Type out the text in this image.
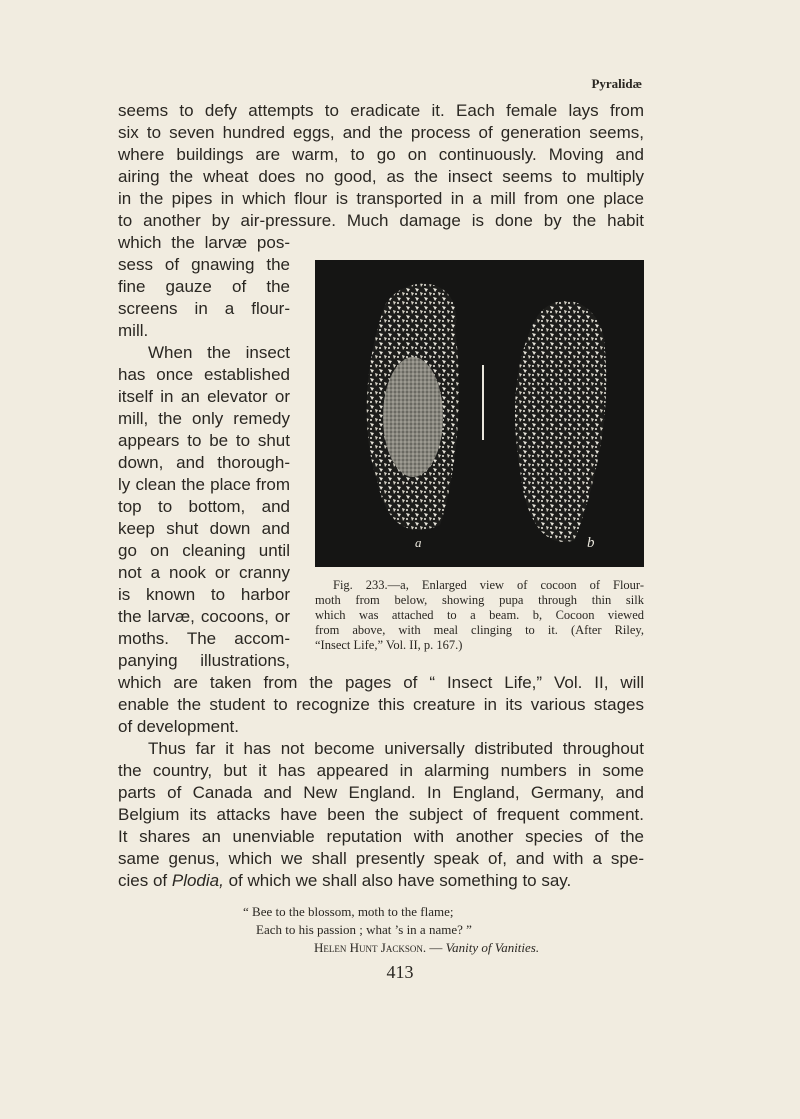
Pyralidæ
seems to defy attempts to eradicate it. Each female lays from
six to seven hundred eggs, and the process of generation seems,
where buildings are warm, to go on continuously. Moving and
airing the wheat does no good, as the insect seems to multiply
in the pipes in which flour is transported in a mill from one place
to another by air-pressure. Much damage is done by the habit
which the larvæ pos-
sess of gnawing the
fine gauze of the
screens in a flour-
mill.
When the insect
has once established
itself in an elevator or
mill, the only remedy
appears to be to shut
down, and thorough-
ly clean the place from
top to bottom, and
keep shut down and
go on cleaning until
not a nook or cranny
is known to harbor
the larvæ, cocoons, or
moths. The accom-
panying illustrations,
which are taken from the pages of “ Insect Life,” Vol. II, will
enable the student to recognize this creature in its various stages
of development.
Thus far it has not become universally distributed throughout
the country, but it has appeared in alarming numbers in some
parts of Canada and New England. In England, Germany, and
Belgium its attacks have been the subject of frequent comment.
It shares an unenviable reputation with another species of the
same genus, which we shall presently speak of, and with a spe-
cies of Plodia, of which we shall also have something to say.
a	b
Fig. 233.—a, Enlarged view of cocoon of Flour-
moth from below, showing pupa through thin silk
which was attached to a beam. b, Cocoon viewed
from above, with meal clinging to it. (After Riley,
“Insect Life,” Vol. II, p. 167.)
“ Bee to the blossom, moth to the flame;
Each to his passion ; what ’s in a name? ”
Helen Hunt Jackson. — Vanity of Vanities.
413
